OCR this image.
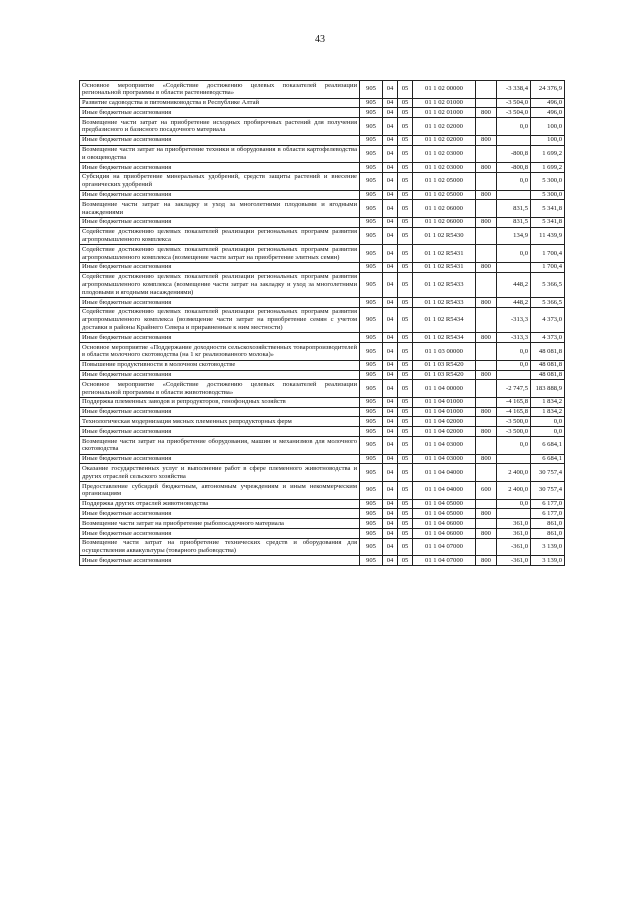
43
Основное мероприятие «Содействие достижению целевых показателей реализации региональной программы в области растениеводства»	905	04	05	01 1 02 00000		-3 338,4	24 376,9
Развитие садоводства и питомниководства в Республике Алтай	905	04	05	01 1 02 01000		-3 504,0	496,0
Иные бюджетные ассигнования	905	04	05	01 1 02 01000	800	-3 504,0	496,0
Возмещение части затрат на приобретение исходных пробирочных растений для получения предбазисного и базисного посадочного материала	905	04	05	01 1 02 02000		0,0	100,0
Иные бюджетные ассигнования	905	04	05	01 1 02 02000	800		100,0
Возмещение части затрат на приобретение техники и оборудования в области картофелеводства и овощеводства	905	04	05	01 1 02 03000		-800,8	1 699,2
Иные бюджетные ассигнования	905	04	05	01 1 02 03000	800	-800,8	1 699,2
Субсидия на приобретение минеральных удобрений, средств защиты растений и внесение органических удобрений	905	04	05	01 1 02 05000		0,0	5 300,0
Иные бюджетные ассигнования	905	04	05	01 1 02 05000	800		5 300,0
Возмещение части затрат на закладку и уход за многолетними плодовыми и ягодными насаждениями	905	04	05	01 1 02 06000		831,5	5 341,8
Иные бюджетные ассигнования	905	04	05	01 1 02 06000	800	831,5	5 341,8
Содействие достижению целевых показателей реализации региональных программ развития агропромышленного комплекса	905	04	05	01 1 02 R5430		134,9	11 439,9
Содействие достижению целевых показателей реализации региональных программ развития агропромышленного комплекса (возмещение части затрат на приобретение элитных семян)	905	04	05	01 1 02 R5431		0,0	1 700,4
Иные бюджетные ассигнования	905	04	05	01 1 02 R5431	800		1 700,4
Содействие достижению целевых показателей реализации региональных программ развития агропромышленного комплекса (возмещение части затрат на закладку и уход за многолетними плодовыми и ягодными насаждениями)	905	04	05	01 1 02 R5433		448,2	5 366,5
Иные бюджетные ассигнования	905	04	05	01 1 02 R5433	800	448,2	5 366,5
Содействие достижению целевых показателей реализации региональных программ развития агропромышленного комплекса (возмещение части затрат на приобретение семян с учетом доставки в районы Крайнего Севера и приравненные к ним местности)	905	04	05	01 1 02 R5434		-313,3	4 373,0
Иные бюджетные ассигнования	905	04	05	01 1 02 R5434	800	-313,3	4 373,0
Основное мероприятие «Поддержание доходности сельскохозяйственных товаропроизводителей в области молочного скотоводства (на 1 кг реализованного молока)»	905	04	05	01 1 03 00000		0,0	48 081,8
Повышение продуктивности в молочном скотоводстве	905	04	05	01 1 03 R5420		0,0	48 081,8
Иные бюджетные ассигнования	905	04	05	01 1 03 R5420	800		48 081,8
Основное мероприятие «Содействие достижению целевых показателей реализации региональной программы в области животноводства»	905	04	05	01 1 04 00000		-2 747,5	183 888,9
Поддержка племенных заводов и репродукторов, генофондных хозяйств	905	04	05	01 1 04 01000		-4 165,8	1 834,2
Иные бюджетные ассигнования	905	04	05	01 1 04 01000	800	-4 165,8	1 834,2
Технологическая модернизация мясных племенных репродукторных ферм	905	04	05	01 1 04 02000		-3 500,0	0,0
Иные бюджетные ассигнования	905	04	05	01 1 04 02000	800	-3 500,0	0,0
Возмещение части затрат на приобретение оборудования, машин и механизмов для молочного скотоводства	905	04	05	01 1 04 03000		0,0	6 684,1
Иные бюджетные ассигнования	905	04	05	01 1 04 03000	800		6 684,1
Оказание государственных услуг и выполнение работ в сфере племенного животноводства и других отраслей сельского хозяйства	905	04	05	01 1 04 04000		2 400,0	30 757,4
Предоставление субсидий бюджетным, автономным учреждениям и иным некоммерческим организациям	905	04	05	01 1 04 04000	600	2 400,0	30 757,4
Поддержка других отраслей животноводства	905	04	05	01 1 04 05000		0,0	6 177,0
Иные бюджетные ассигнования	905	04	05	01 1 04 05000	800		6 177,0
Возмещение части затрат на приобретение рыбопосадочного материала	905	04	05	01 1 04 06000		361,0	861,0
Иные бюджетные ассигнования	905	04	05	01 1 04 06000	800	361,0	861,0
Возмещение части затрат на приобретение технических средств и оборудования для осуществления аквакультуры (товарного рыбоводства)	905	04	05	01 1 04 07000		-361,0	3 139,0
Иные бюджетные ассигнования	905	04	05	01 1 04 07000	800	-361,0	3 139,0
